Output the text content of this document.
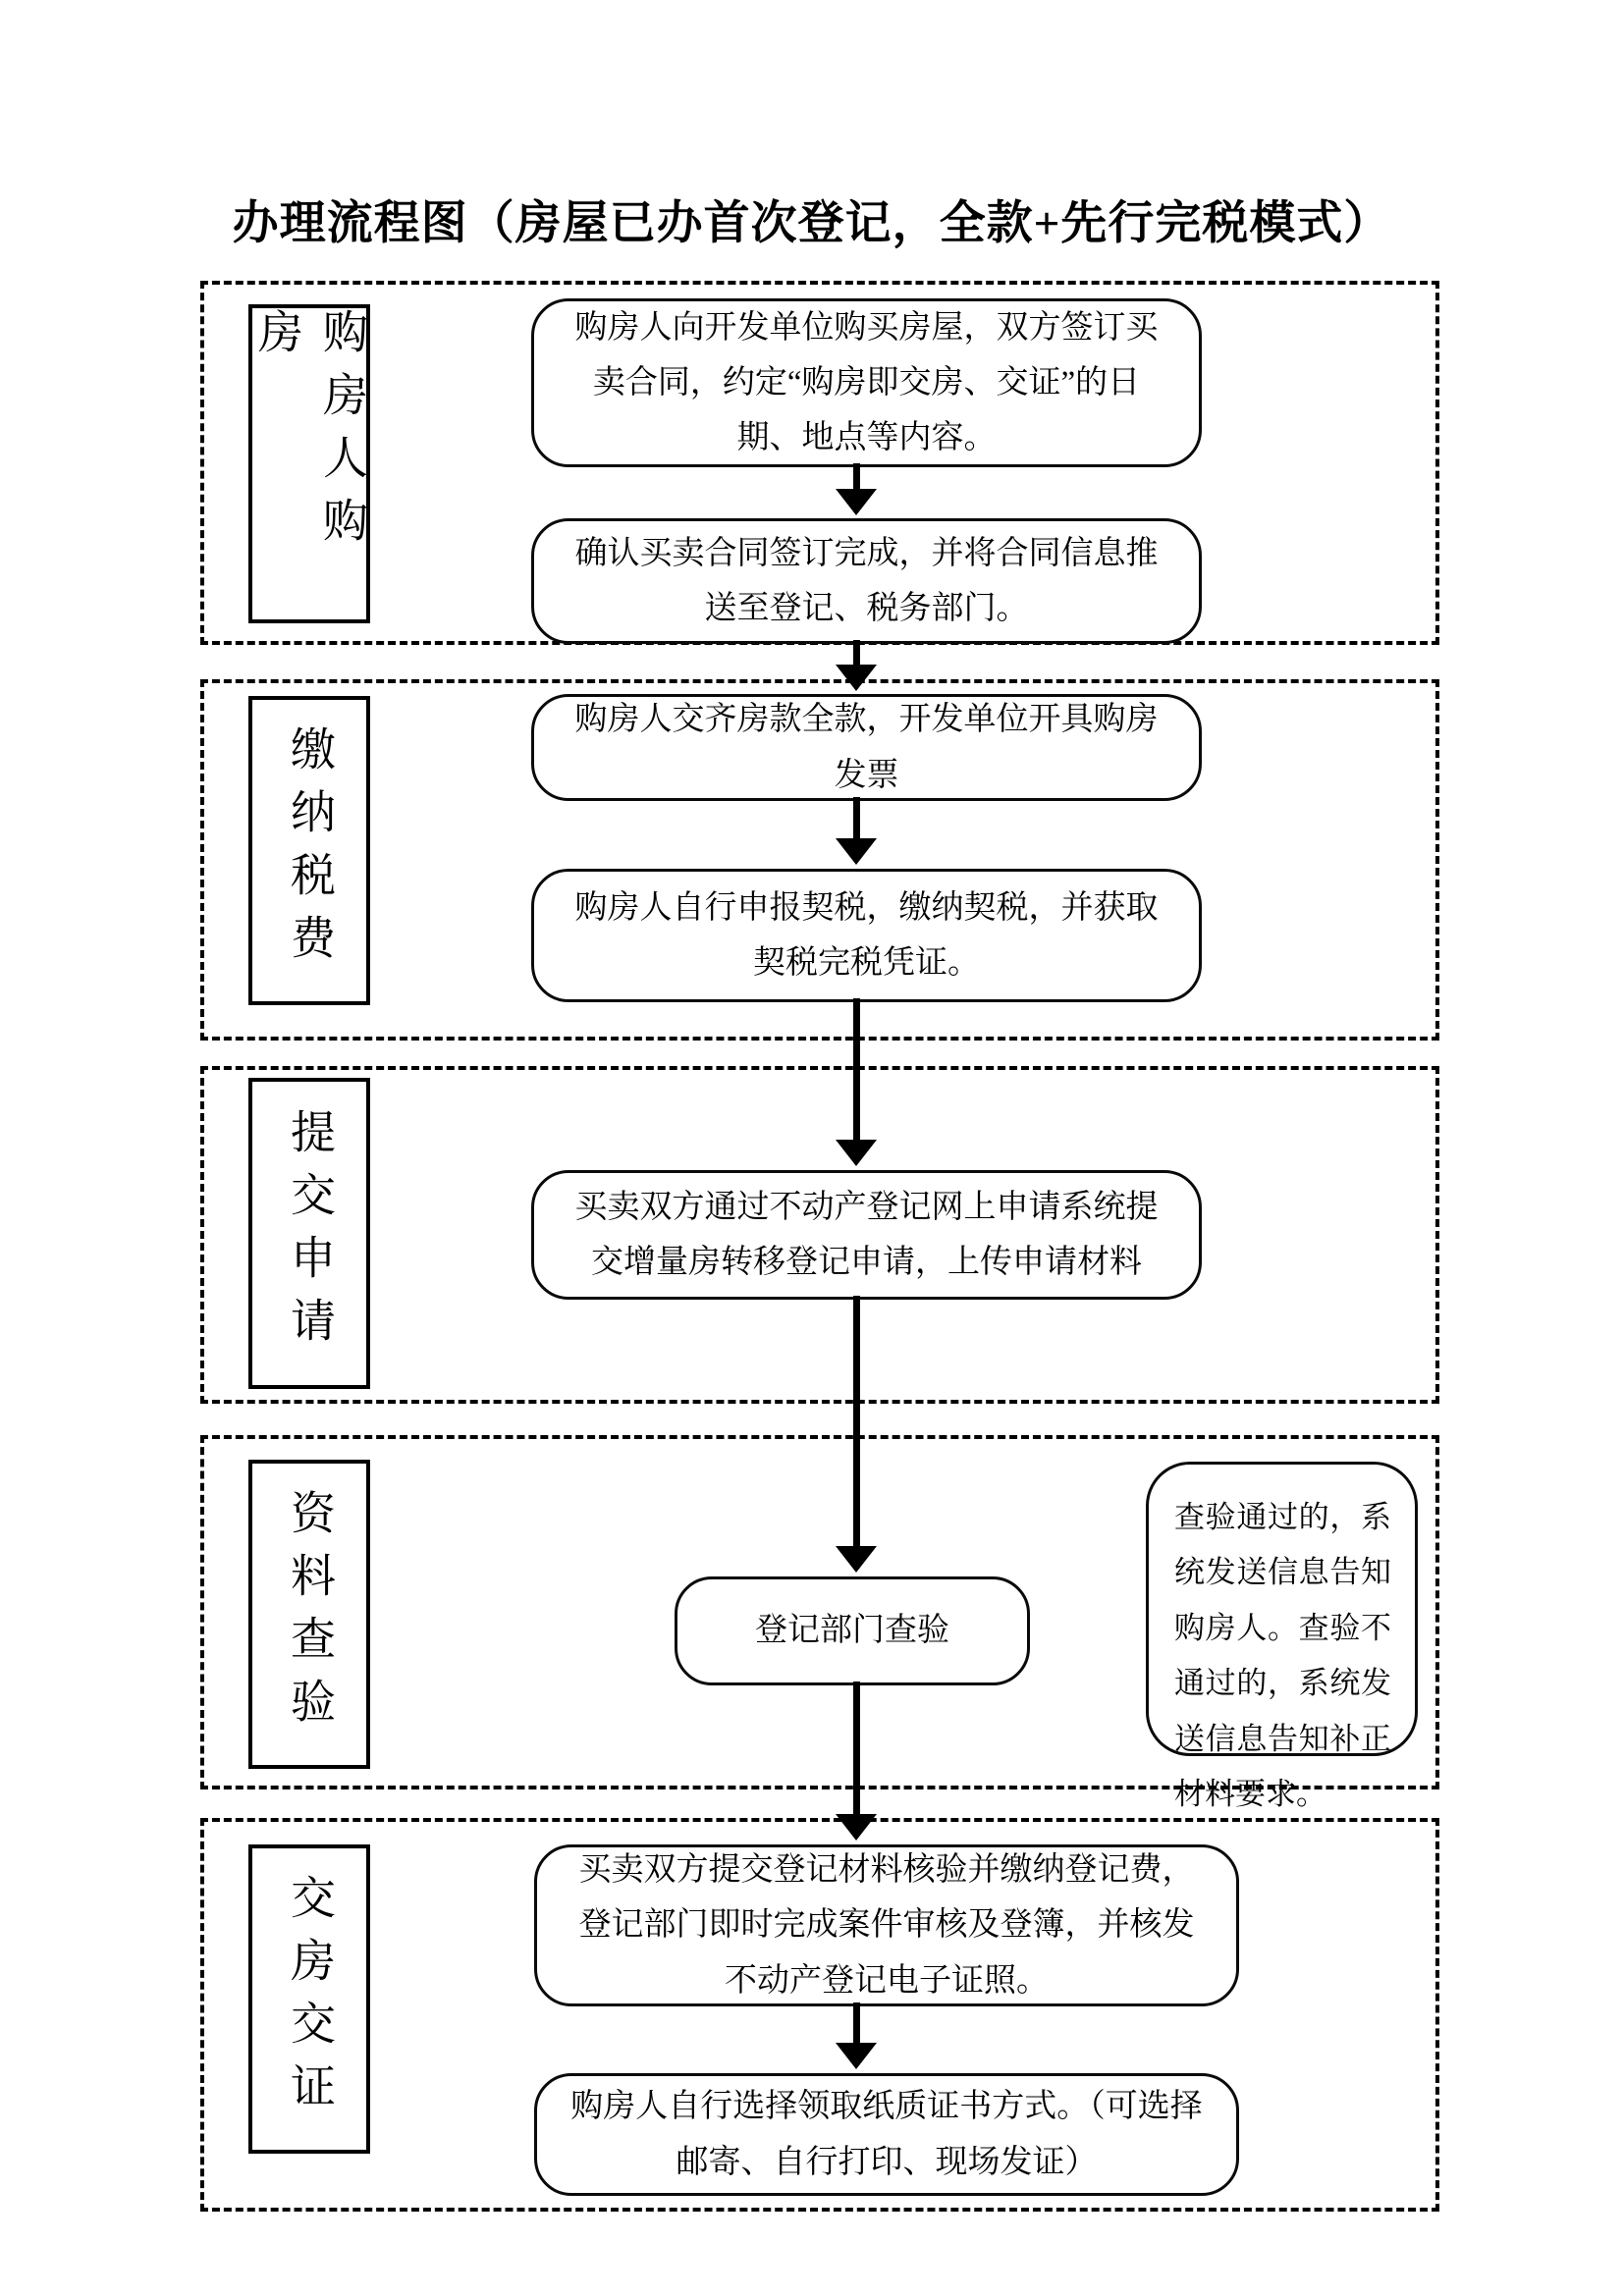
办理流程图（房屋已办首次登记，全款+先行完税模式）
购房人购房	购房人向开发单位购买房屋，双方签订买卖合同，约定“购房即交房、交证”的日期、地点等内容。
确认买卖合同签订完成，并将合同信息推送至登记、税务部门。
缴纳税费
购房人交齐房款全款，开发单位开具购房发票
购房人自行申报契税，缴纳契税，并获取契税完税凭证。
提交申请	买卖双方通过不动产登记网上申请系统提交增量房转移登记申请，上传申请材料
资料查验	登记部门查验
查验通过的，系统发送信息告知购房人。查验不通过的，系统发送信息告知补正材料要求。
交房交证
买卖双方提交登记材料核验并缴纳登记费，登记部门即时完成案件审核及登簿，并核发不动产登记电子证照。
购房人自行选择领取纸质证书方式。（可选择邮寄、自行打印、现场发证）
